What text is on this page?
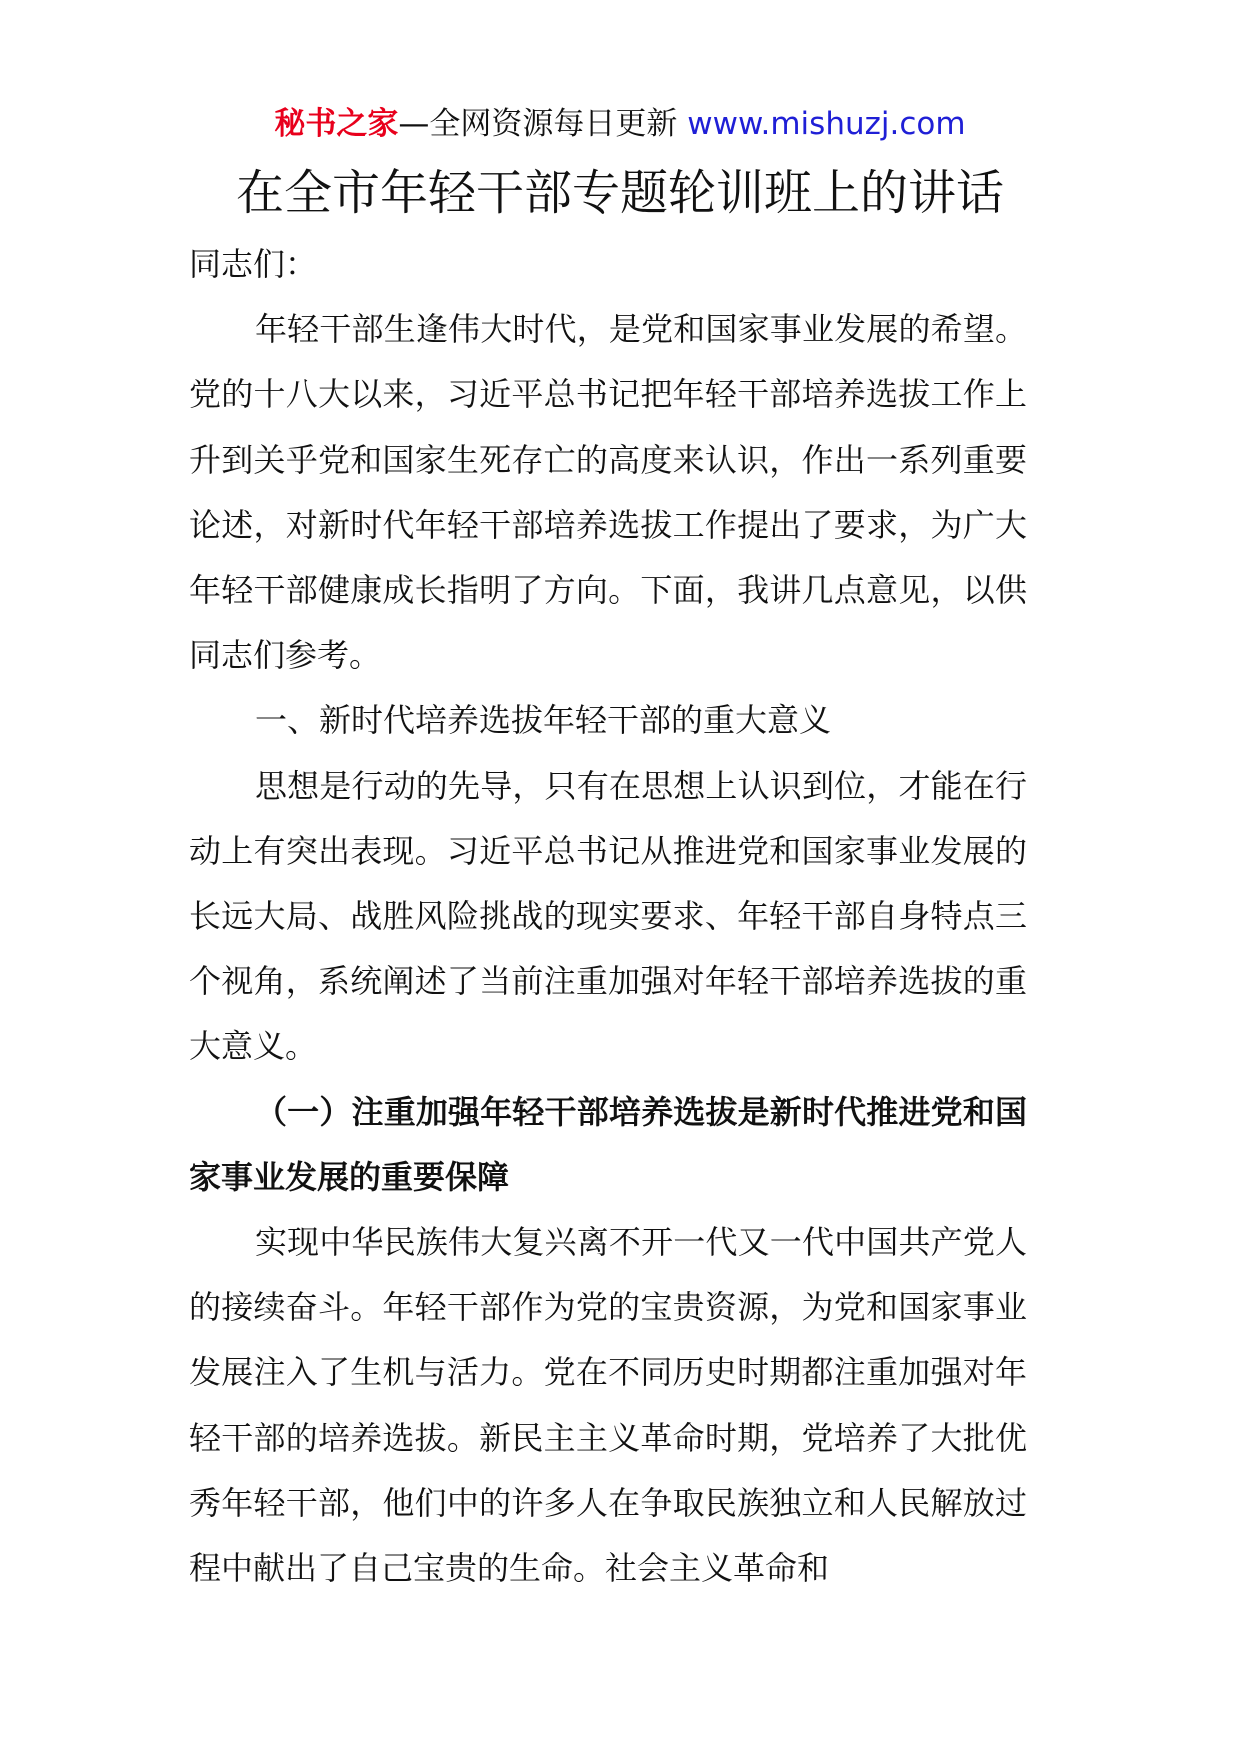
秘书之家—全网资源每日更新 www.mishuzj.com
在全市年轻干部专题轮训班上的讲话

同志们：

年轻干部生逢伟大时代，是党和国家事业发展的希望。党的十八大以来，习近平总书记把年轻干部培养选拔工作上升到关乎党和国家生死存亡的高度来认识，作出一系列重要论述，对新时代年轻干部培养选拔工作提出了要求，为广大年轻干部健康成长指明了方向。下面，我讲几点意见，以供同志们参考。

一、新时代培养选拔年轻干部的重大意义

思想是行动的先导，只有在思想上认识到位，才能在行动上有突出表现。习近平总书记从推进党和国家事业发展的长远大局、战胜风险挑战的现实要求、年轻干部自身特点三个视角，系统阐述了当前注重加强对年轻干部培养选拔的重大意义。

（一）注重加强年轻干部培养选拔是新时代推进党和国家事业发展的重要保障

实现中华民族伟大复兴离不开一代又一代中国共产党人的接续奋斗。年轻干部作为党的宝贵资源，为党和国家事业发展注入了生机与活力。党在不同历史时期都注重加强对年轻干部的培养选拔。新民主主义革命时期，党培养了大批优秀年轻干部，他们中的许多人在争取民族独立和人民解放过程中献出了自己宝贵的生命。社会主义革命和
